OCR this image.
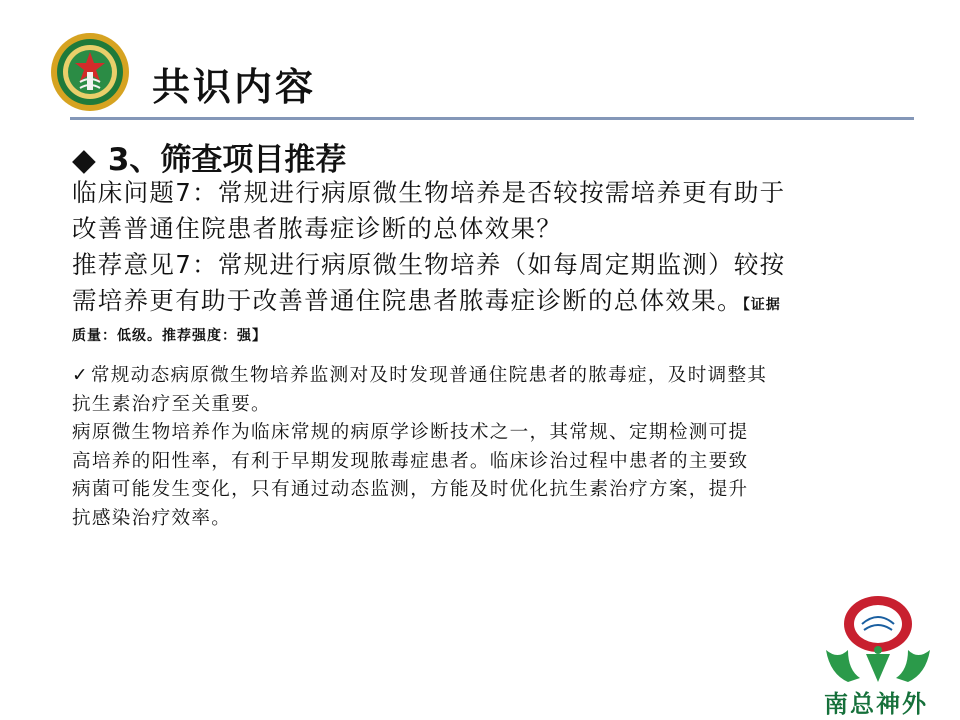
共识内容
◆ 3、筛查项目推荐

临床问题7：常规进行病原微生物培养是否较按需培养更有助于

改善普通住院患者脓毒症诊断的总体效果？

推荐意见7：常规进行病原微生物培养（如每周定期监测）较按

需培养更有助于改善普通住院患者脓毒症诊断的总体效果。【证据

质量：低级。推荐强度：强】

✓ 常规动态病原微生物培养监测对及时发现普通住院患者的脓毒症，及时调整其

抗生素治疗至关重要。

病原微生物培养作为临床常规的病原学诊断技术之一，其常规、定期检测可提

高培养的阳性率，有利于早期发现脓毒症患者。临床诊治过程中患者的主要致

病菌可能发生变化，只有通过动态监测，方能及时优化抗生素治疗方案，提升

抗感染治疗效率。

南总神外
